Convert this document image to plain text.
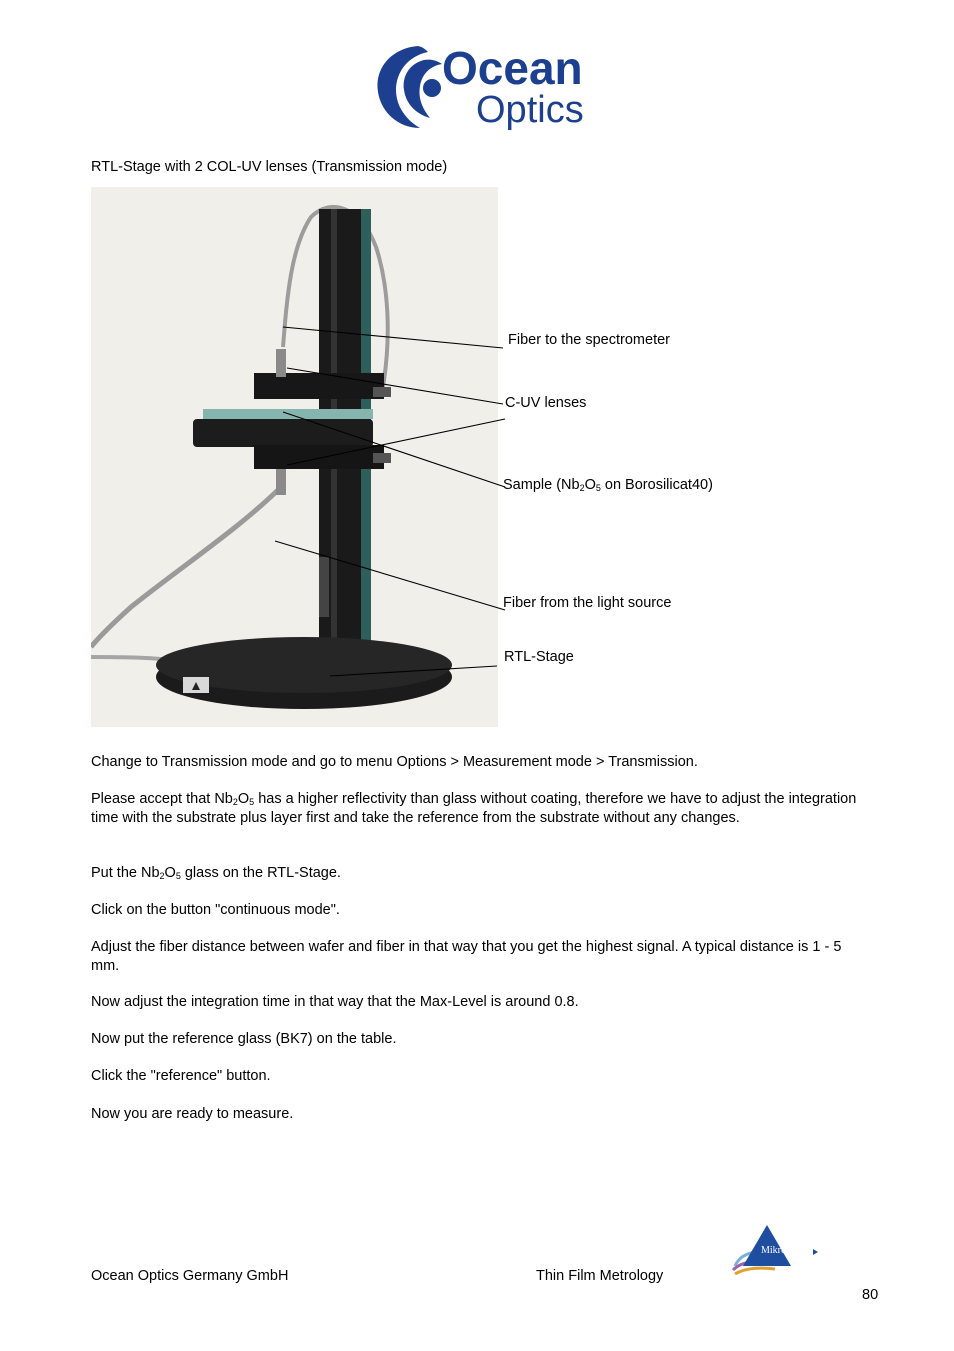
Ocean
Optics
RTL-Stage with 2 COL-UV lenses (Transmission mode)
Fiber to the spectrometer
C-UV lenses
Sample ($Nb_2O_5$ on Borosilicat40)
Fiber from the light source
RTL-Stage

Change to Transmission mode and go to menu Options > Measurement mode > Transmission.

Please accept that $Nb_2O_5$ has a higher reflectivity than glass without coating, therefore we have to adjust the integration time with the substrate plus layer first and take the reference from the substrate without any changes.

Put the $Nb_2O_5$ glass on the RTL-Stage.

Click on the button "continuous mode".

Adjust the fiber distance between wafer and fiber in that way that you get the highest signal. A typical distance is 1 - 5 mm.

Now adjust the integration time in that way that the Max-Level is around 0.8.

Now put the reference glass (BK7) on the table.

Click the "reference" button.

Now you are ready to measure.

Ocean Optics Germany GmbH	Thin Film Metrology
Mikropack
80
